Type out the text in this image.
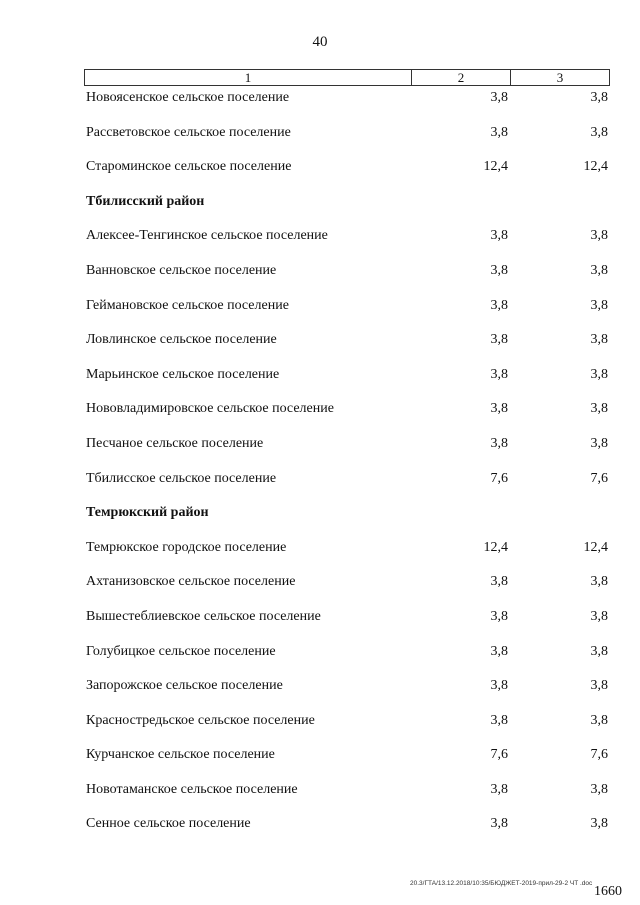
40
1	2	3
Новоясенское сельское поселение	3,8	3,8
Рассветовское сельское поселение	3,8	3,8
Староминское сельское поселение	12,4	12,4
Тбилисский район
Алексее-Тенгинское сельское поселение	3,8	3,8
Ванновское сельское поселение	3,8	3,8
Геймановское сельское поселение	3,8	3,8
Ловлинское сельское поселение	3,8	3,8
Марьинское сельское поселение	3,8	3,8
Нововладимировское сельское поселение	3,8	3,8
Песчаное сельское поселение	3,8	3,8
Тбилисское сельское поселение	7,6	7,6
Темрюкский район
Темрюкское городское поселение	12,4	12,4
Ахтанизовское сельское поселение	3,8	3,8
Вышестеблиевское сельское поселение	3,8	3,8
Голубицкое сельское поселение	3,8	3,8
Запорожское сельское поселение	3,8	3,8
Красностредьское сельское поселение	3,8	3,8
Курчанское сельское поселение	7,6	7,6
Новотаманское сельское поселение	3,8	3,8
Сенное сельское поселение	3,8	3,8
20.3/ГТА/13.12.2018/10:35/БЮДЖЕТ-2019-прил-29-2 ЧТ .doc
1660
